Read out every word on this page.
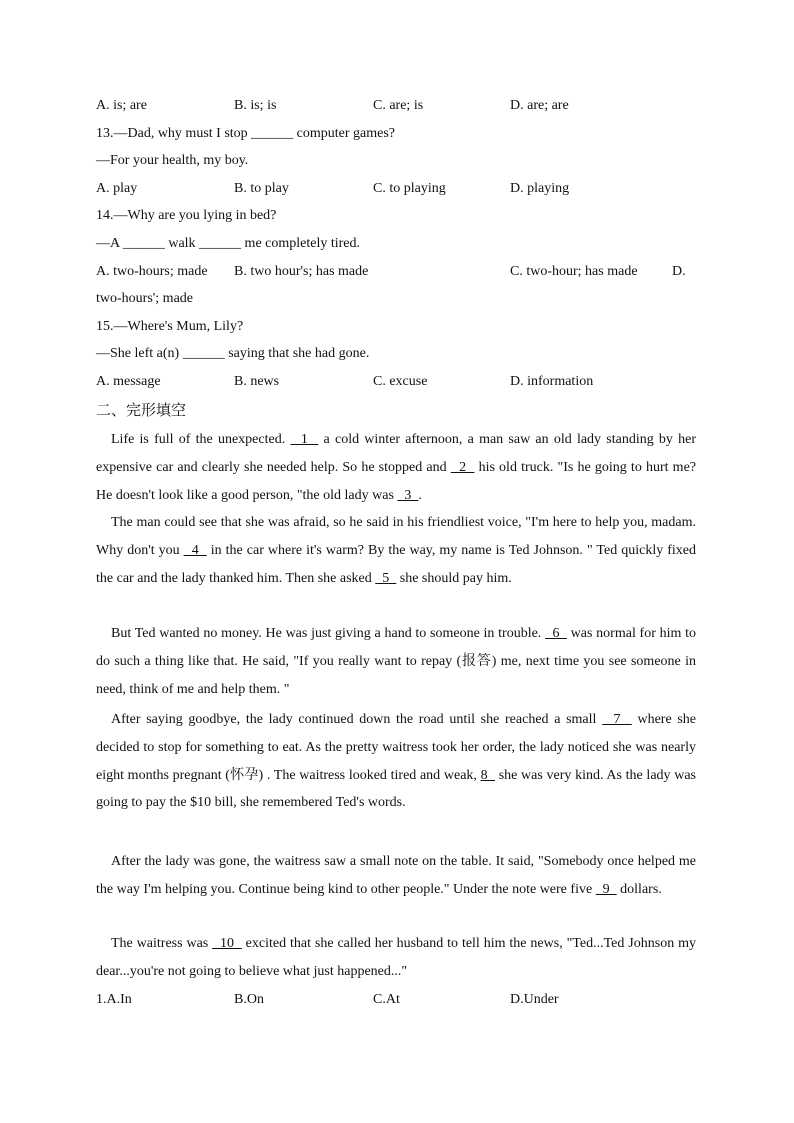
A. is; are	B. is; is	C. are; is	D. are; are
13.—Dad, why must I stop ______ computer games?
—For your health, my boy.
A. play	B. to play	C. to playing	D. playing
14.—Why are you lying in bed?
—A ______ walk ______ me completely tired.
A. two-hours; made B. two hour's; has made	C. two-hour; has made D.
two-hours'; made
15.—Where's Mum, Lily?
—She left a(n) ______ saying that she had gone.
A. message	B. news	C. excuse	D. information
二、完形填空
Life is full of the unexpected.   1   a cold winter afternoon, a man saw an old lady standing by her expensive car and clearly she needed help. So he stopped and   2   his old truck. "Is he going to hurt me? He doesn't look like a good person, "the old lady was   3  .
The man could see that she was afraid, so he said in his friendliest voice, "I'm here to help you, madam. Why don't you   4   in the car where it's warm? By the way, my name is Ted Johnson. " Ted quickly fixed the car and the lady thanked him. Then she asked   5   she should pay him.
But Ted wanted no money. He was just giving a hand to someone in trouble.   6   was normal for him to do such a thing like that. He said, "If you really want to repay (报答) me, next time you see someone in need, think of me and help them. "
After saying goodbye, the lady continued down the road until she reached a small   7   where she decided to stop for something to eat. As the pretty waitress took her order, the lady noticed she was nearly eight months pregnant (怀孕) . The waitress looked tired and weak, 8   she was very kind. As the lady was going to pay the $10 bill, she remembered Ted's words.
After the lady was gone, the waitress saw a small note on the table. It said, "Somebody once helped me the way I'm helping you. Continue being kind to other people." Under the note were five   9   dollars.
The waitress was   10   excited that she called her husband to tell him the news, "Ted...Ted Johnson my dear...you're not going to believe what just happened..."
1.A.In	B.On	C.At	D.Under
